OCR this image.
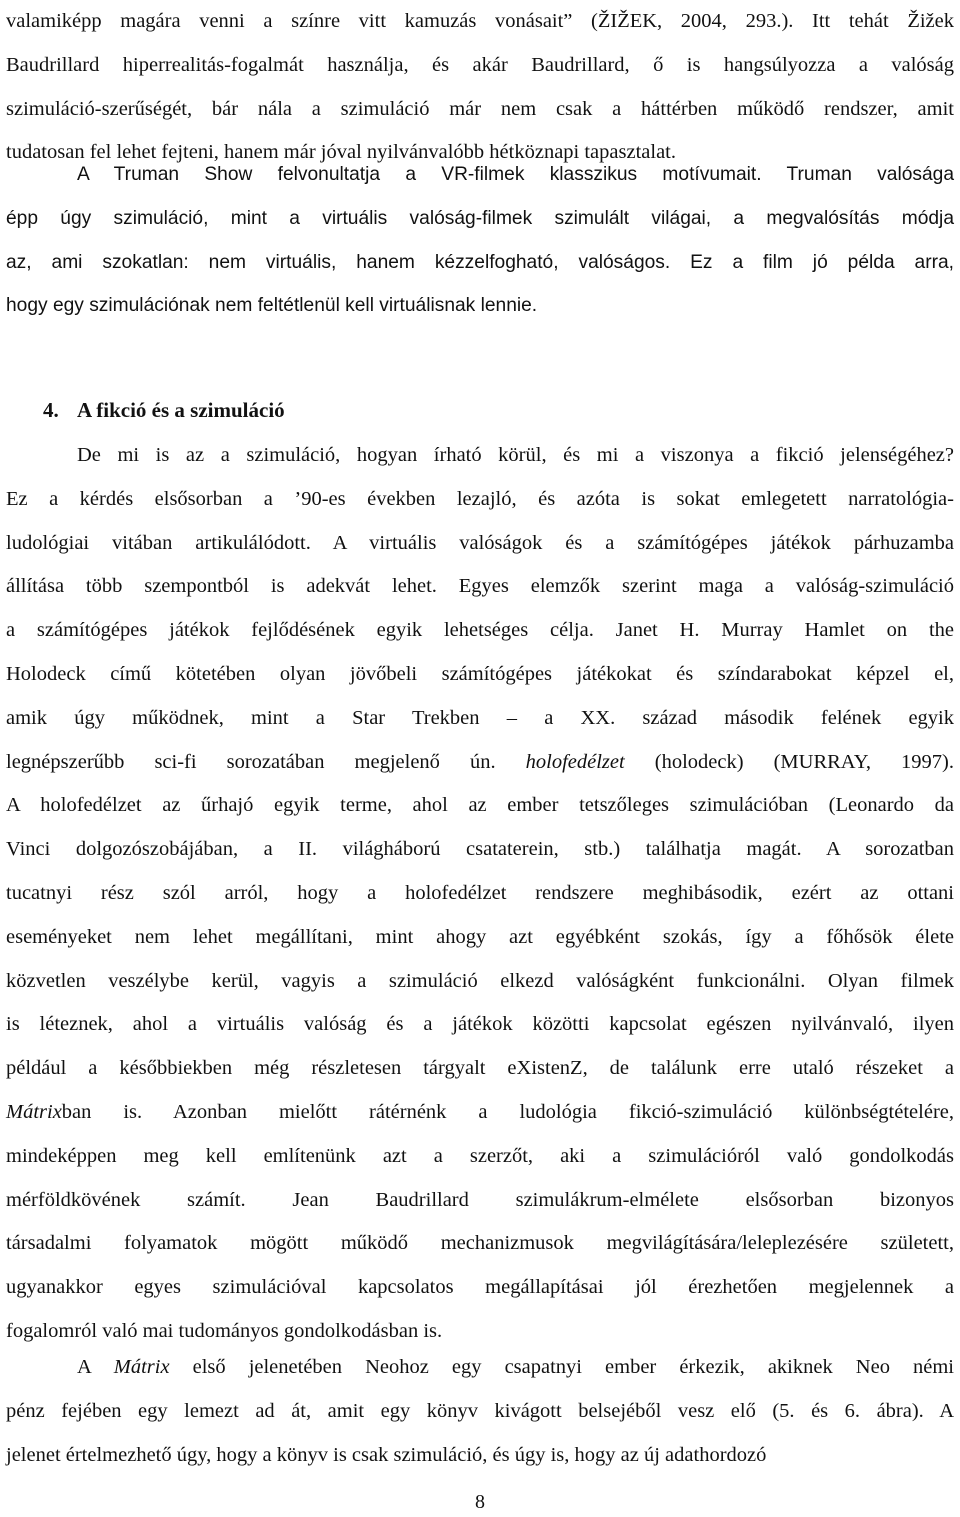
valamiképp magára venni a színre vitt kamuzás vonásait” (ŽIŽEK, 2004, 293.). Itt tehát Žižek
Baudrillard hiperrealitás-fogalmát használja, és akár Baudrillard, ő is hangsúlyozza a valóság
szimuláció-szerűségét, bár nála a szimuláció már nem csak a háttérben működő rendszer, amit
tudatosan fel lehet fejteni, hanem már jóval nyilvánvalóbb hétköznapi tapasztalat.
A Truman Show felvonultatja a VR-filmek klasszikus motívumait. Truman valósága
épp úgy szimuláció, mint a virtuális valóság-filmek szimulált világai, a megvalósítás módja
az, ami szokatlan: nem virtuális, hanem kézzelfogható, valóságos. Ez a film jó példa arra,
hogy egy szimulációnak nem feltétlenül kell virtuálisnak lennie.
4. A fikció és a szimuláció
De mi is az a szimuláció, hogyan írható körül, és mi a viszonya a fikció jelenségéhez?
Ez a kérdés elsősorban a ’90-es években lezajló, és azóta is sokat emlegetett narratológia-
ludológiai vitában artikulálódott. A virtuális valóságok és a számítógépes játékok párhuzamba
állítása több szempontból is adekvát lehet. Egyes elemzők szerint maga a valóság-szimuláció
a számítógépes játékok fejlődésének egyik lehetséges célja. Janet H. Murray Hamlet on the
Holodeck című kötetében olyan jövőbeli számítógépes játékokat és színdarabokat képzel el,
amik úgy működnek, mint a Star Trekben – a XX. század második felének egyik
legnépszerűbb sci-fi sorozatában megjelenő ún. holofedélzet (holodeck) (MURRAY, 1997).
A holofedélzet az űrhajó egyik terme, ahol az ember tetszőleges szimulációban (Leonardo da
Vinci dolgozószobájában, a II. világháború csataterein, stb.) találhatja magát. A sorozatban
tucatnyi rész szól arról, hogy a holofedélzet rendszere meghibásodik, ezért az ottani
eseményeket nem lehet megállítani, mint ahogy azt egyébként szokás, így a főhősök élete
közvetlen veszélybe kerül, vagyis a szimuláció elkezd valóságként funkcionálni. Olyan filmek
is léteznek, ahol a virtuális valóság és a játékok közötti kapcsolat egészen nyilvánvaló, ilyen
például a későbbiekben még részletesen tárgyalt eXistenZ, de találunk erre utaló részeket a
Mátrixban is. Azonban mielőtt rátérnénk a ludológia fikció-szimuláció különbségtételére,
mindeképpen meg kell említenünk azt a szerzőt, aki a szimulációról való gondolkodás
mérföldkövének számít. Jean Baudrillard szimulákrum-elmélete elsősorban bizonyos
társadalmi folyamatok mögött működő mechanizmusok megvilágítására/leleplezésére született,
ugyanakkor egyes szimulációval kapcsolatos megállapításai jól érezhetően megjelennek a
fogalomról való mai tudományos gondolkodásban is.
A Mátrix első jelenetében Neohoz egy csapatnyi ember érkezik, akiknek Neo némi
pénz fejében egy lemezt ad át, amit egy könyv kivágott belsejéből vesz elő (5. és 6. ábra). A
jelenet értelmezhető úgy, hogy a könyv is csak szimuláció, és úgy is, hogy az új adathordozó
8
